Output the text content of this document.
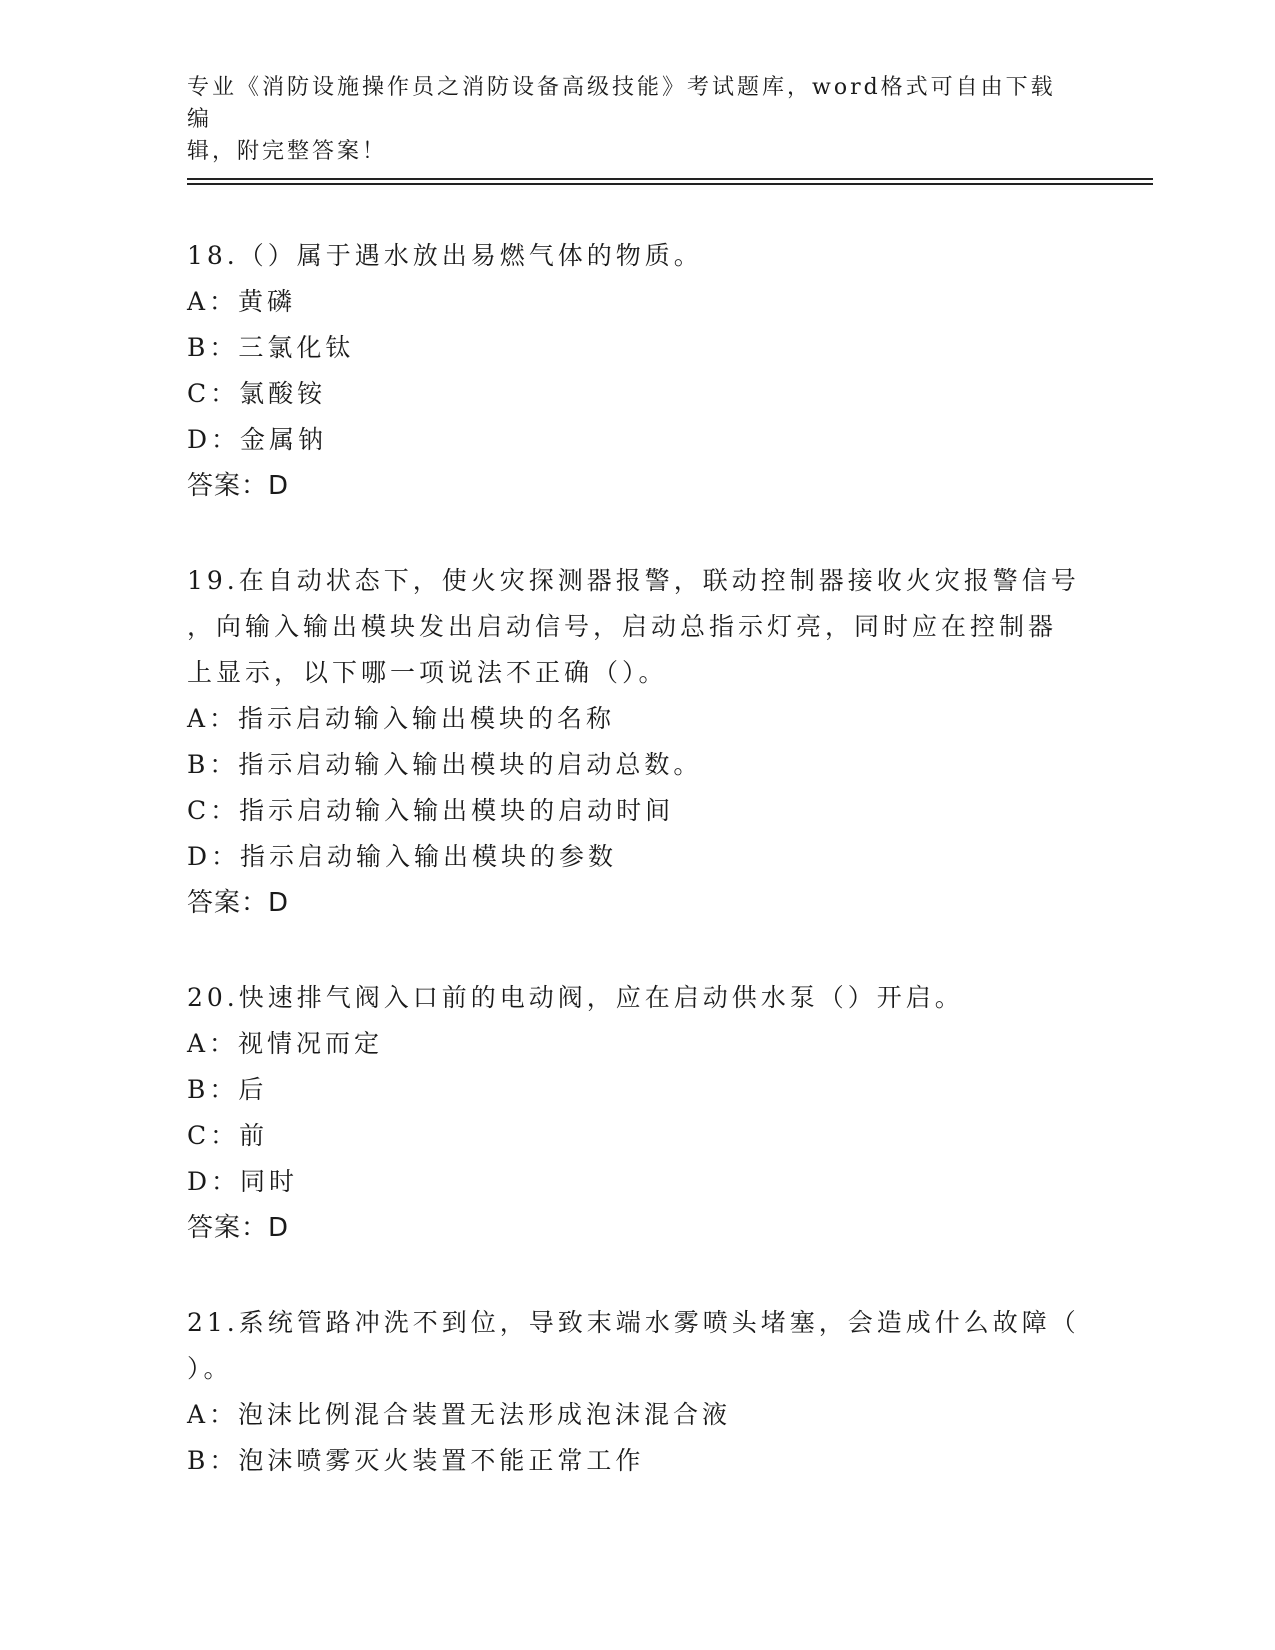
专业《消防设施操作员之消防设备高级技能》考试题库，word格式可自由下载编
辑，附完整答案！
18.（）属于遇水放出易燃气体的物质。
A：黄磷
B：三氯化钛
C：氯酸铵
D：金属钠
答案：D
19.在自动状态下，使火灾探测器报警，联动控制器接收火灾报警信号
，向输入输出模块发出启动信号，启动总指示灯亮，同时应在控制器
上显示，以下哪一项说法不正确（）。
A：指示启动输入输出模块的名称
B：指示启动输入输出模块的启动总数。
C：指示启动输入输出模块的启动时间
D：指示启动输入输出模块的参数
答案：D
20.快速排气阀入口前的电动阀，应在启动供水泵（）开启。
A：视情况而定
B：后
C：前
D：同时
答案：D
21.系统管路冲洗不到位，导致末端水雾喷头堵塞，会造成什么故障（
）。
A：泡沫比例混合装置无法形成泡沫混合液
B：泡沫喷雾灭火装置不能正常工作
